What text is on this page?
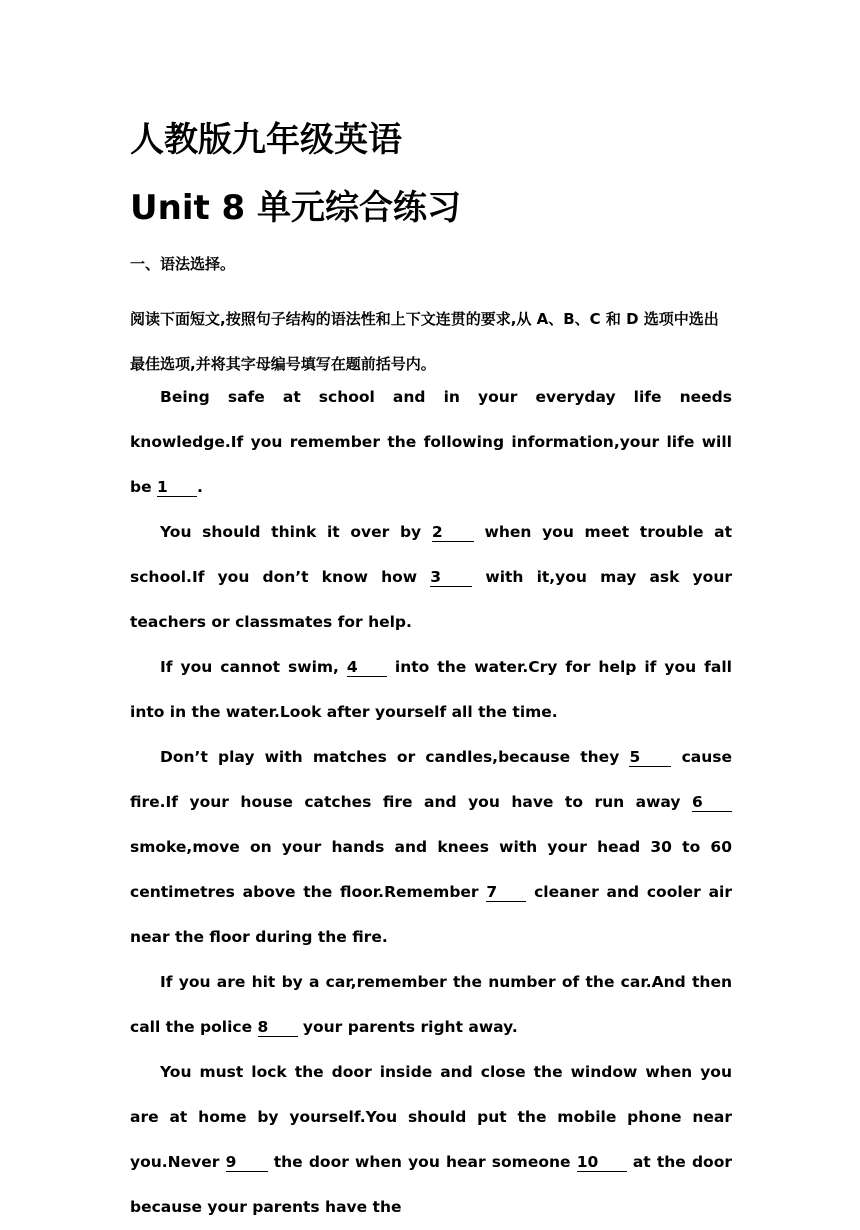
人教版九年级英语
Unit 8 单元综合练习
一、语法选择。

阅读下面短文,按照句子结构的语法性和上下文连贯的要求,从 A、B、C 和 D 选项中选出最佳选项,并将其字母编号填写在题前括号内。

Being safe at school and in your everyday life needs knowledge.If you remember the following information,your life will be 1 .

You should think it over by 2 when you meet trouble at school.If you don’t know how 3 with it,you may ask your teachers or classmates for help.

If you cannot swim, 4 into the water.Cry for help if you fall into in the water.Look after yourself all the time.

Don’t play with matches or candles,because they 5 cause fire.If your house catches fire and you have to run away 6 smoke,move on your hands and knees with your head 30 to 60 centimetres above the floor.Remember 7 cleaner and cooler air near the floor during the fire.

If you are hit by a car,remember the number of the car.And then call the police 8 your parents right away.

You must lock the door inside and close the window when you are at home by yourself.You should put the mobile phone near you.Never 9 the door when you hear someone 10 at the door because your parents have the
